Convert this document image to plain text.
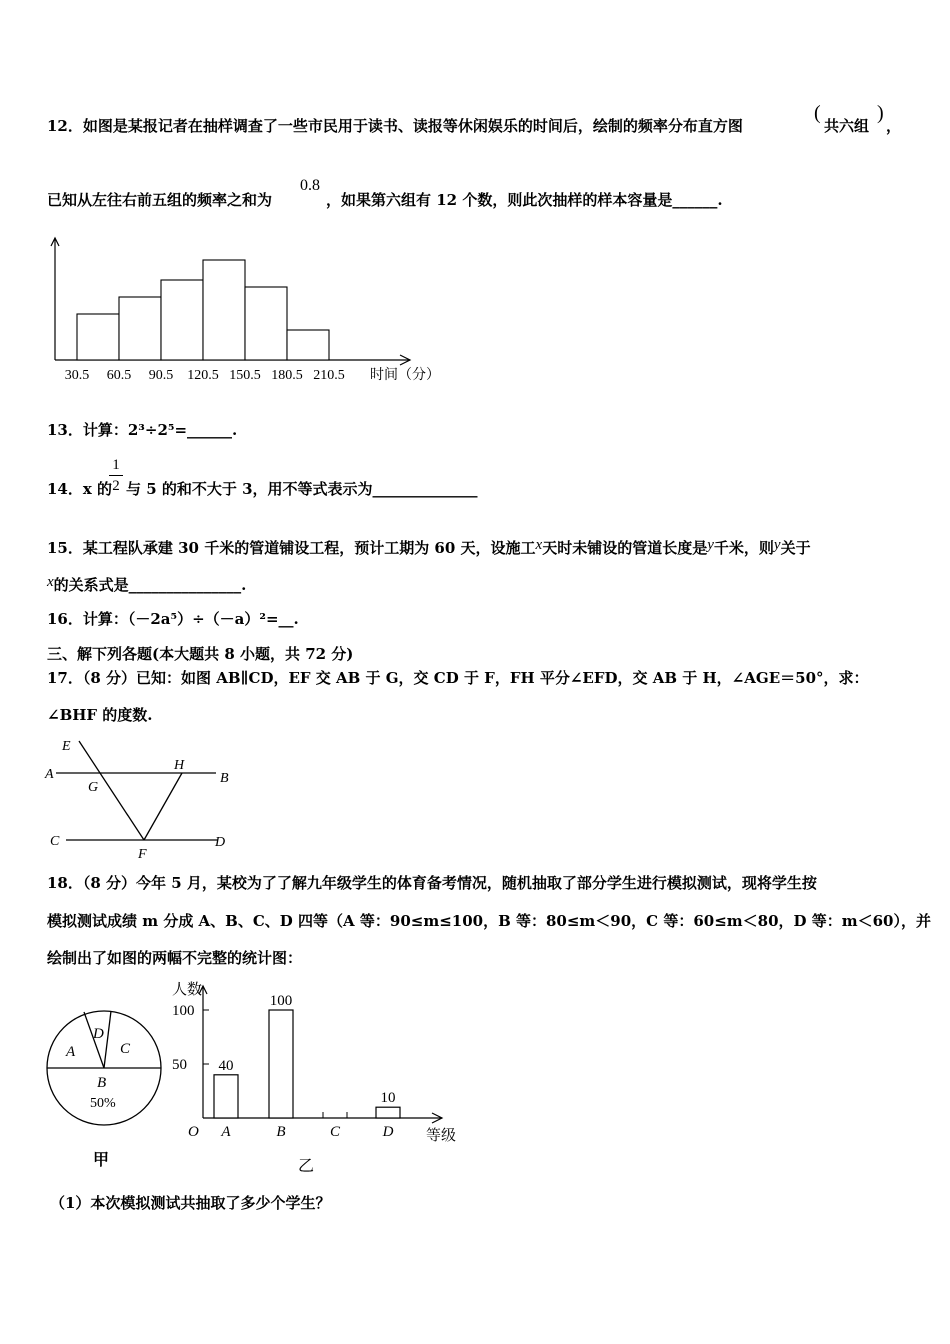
12．如图是某报记者在抽样调查了一些市民用于读书、读报等休闲娱乐的时间后，绘制的频率分布直方图
(
共六组
)
，
已知从左往右前五组的频率之和为
0.8
，如果第六组有 12 个数，则此次抽样的样本容量是______.
30.5 60.5 90.5 120.5 150.5 180.5 210.5 时间（分）
13．计算：2³÷2⁵=______.
14．x 的
1
2 与 5 的和不大于 3，用不等式表示为______________
15．某工程队承建 30 千米的管道铺设工程，预计工期为 60 天，设施工x天时未铺设的管道长度是y千米，则y关于
x的关系式是_______________.
16．计算：（－2a⁵）÷（－a）²=__.
三、解下列各题(本大题共 8 小题，共 72 分)
17．（8 分）已知：如图 AB∥CD，EF 交 AB 于 G，交 CD 于 F，FH 平分∠EFD，交 AB 于 H，∠AGE＝50°，求：
∠BHF 的度数.
E
A
G
H
B
C
F
D
18．（8 分）今年 5 月，某校为了了解九年级学生的体育备考情况，随机抽取了部分学生进行模拟测试，现将学生按
模拟测试成绩 m 分成 A、B、C、D 四等（A 等：90≤m≤100，B 等：80≤m＜90，C 等：60≤m＜80，D 等：m＜60），并
绘制出了如图的两幅不完整的统计图：
A
D
C
B
50%
甲
人数
等级
O
100
50 40
A
100
B	C
10
D
乙
（1）本次模拟测试共抽取了多少个学生？
